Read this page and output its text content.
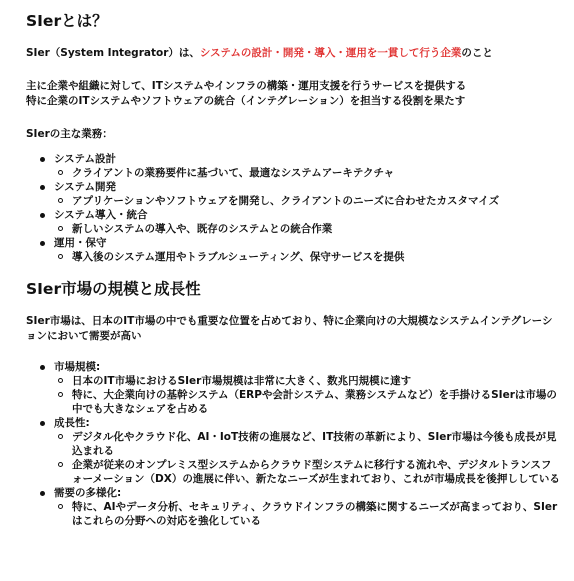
SIerとは？

SIer（System Integrator）は、システムの設計・開発・導入・運用を一貫して行う企業のこと

主に企業や組織に対して、ITシステムやインフラの構築・運用支援を行うサービスを提供する

特に企業のITシステムやソフトウェアの統合（インテグレーション）を担当する役割を果たす

SIerの主な業務：

システム設計
クライアントの業務要件に基づいて、最適なシステムアーキテクチャ
システム開発
アプリケーションやソフトウェアを開発し、クライアントのニーズに合わせたカスタマイズ
システム導入・統合
新しいシステムの導入や、既存のシステムとの統合作業
運用・保守
導入後のシステム運用やトラブルシューティング、保守サービスを提供
SIer市場の規模と成長性

SIer市場は、日本のIT市場の中でも重要な位置を占めており、特に企業向けの大規模なシステムインテグレーションにおいて需要が高い

市場規模:
日本のIT市場におけるSIer市場規模は非常に大きく、数兆円規模に達す
特に、大企業向けの基幹システム（ERPや会計システム、業務システムなど）を手掛けるSIerは市場の中でも大きなシェアを占める
成長性:
デジタル化やクラウド化、AI・IoT技術の進展など、IT技術の革新により、SIer市場は今後も成長が見込まれる
企業が従来のオンプレミス型システムからクラウド型システムに移行する流れや、デジタルトランスフォーメーション（DX）の進展に伴い、新たなニーズが生まれており、これが市場成長を後押ししている
需要の多様化:
特に、AIやデータ分析、セキュリティ、クラウドインフラの構築に関するニーズが高まっており、SIerはこれらの分野への対応を強化している
